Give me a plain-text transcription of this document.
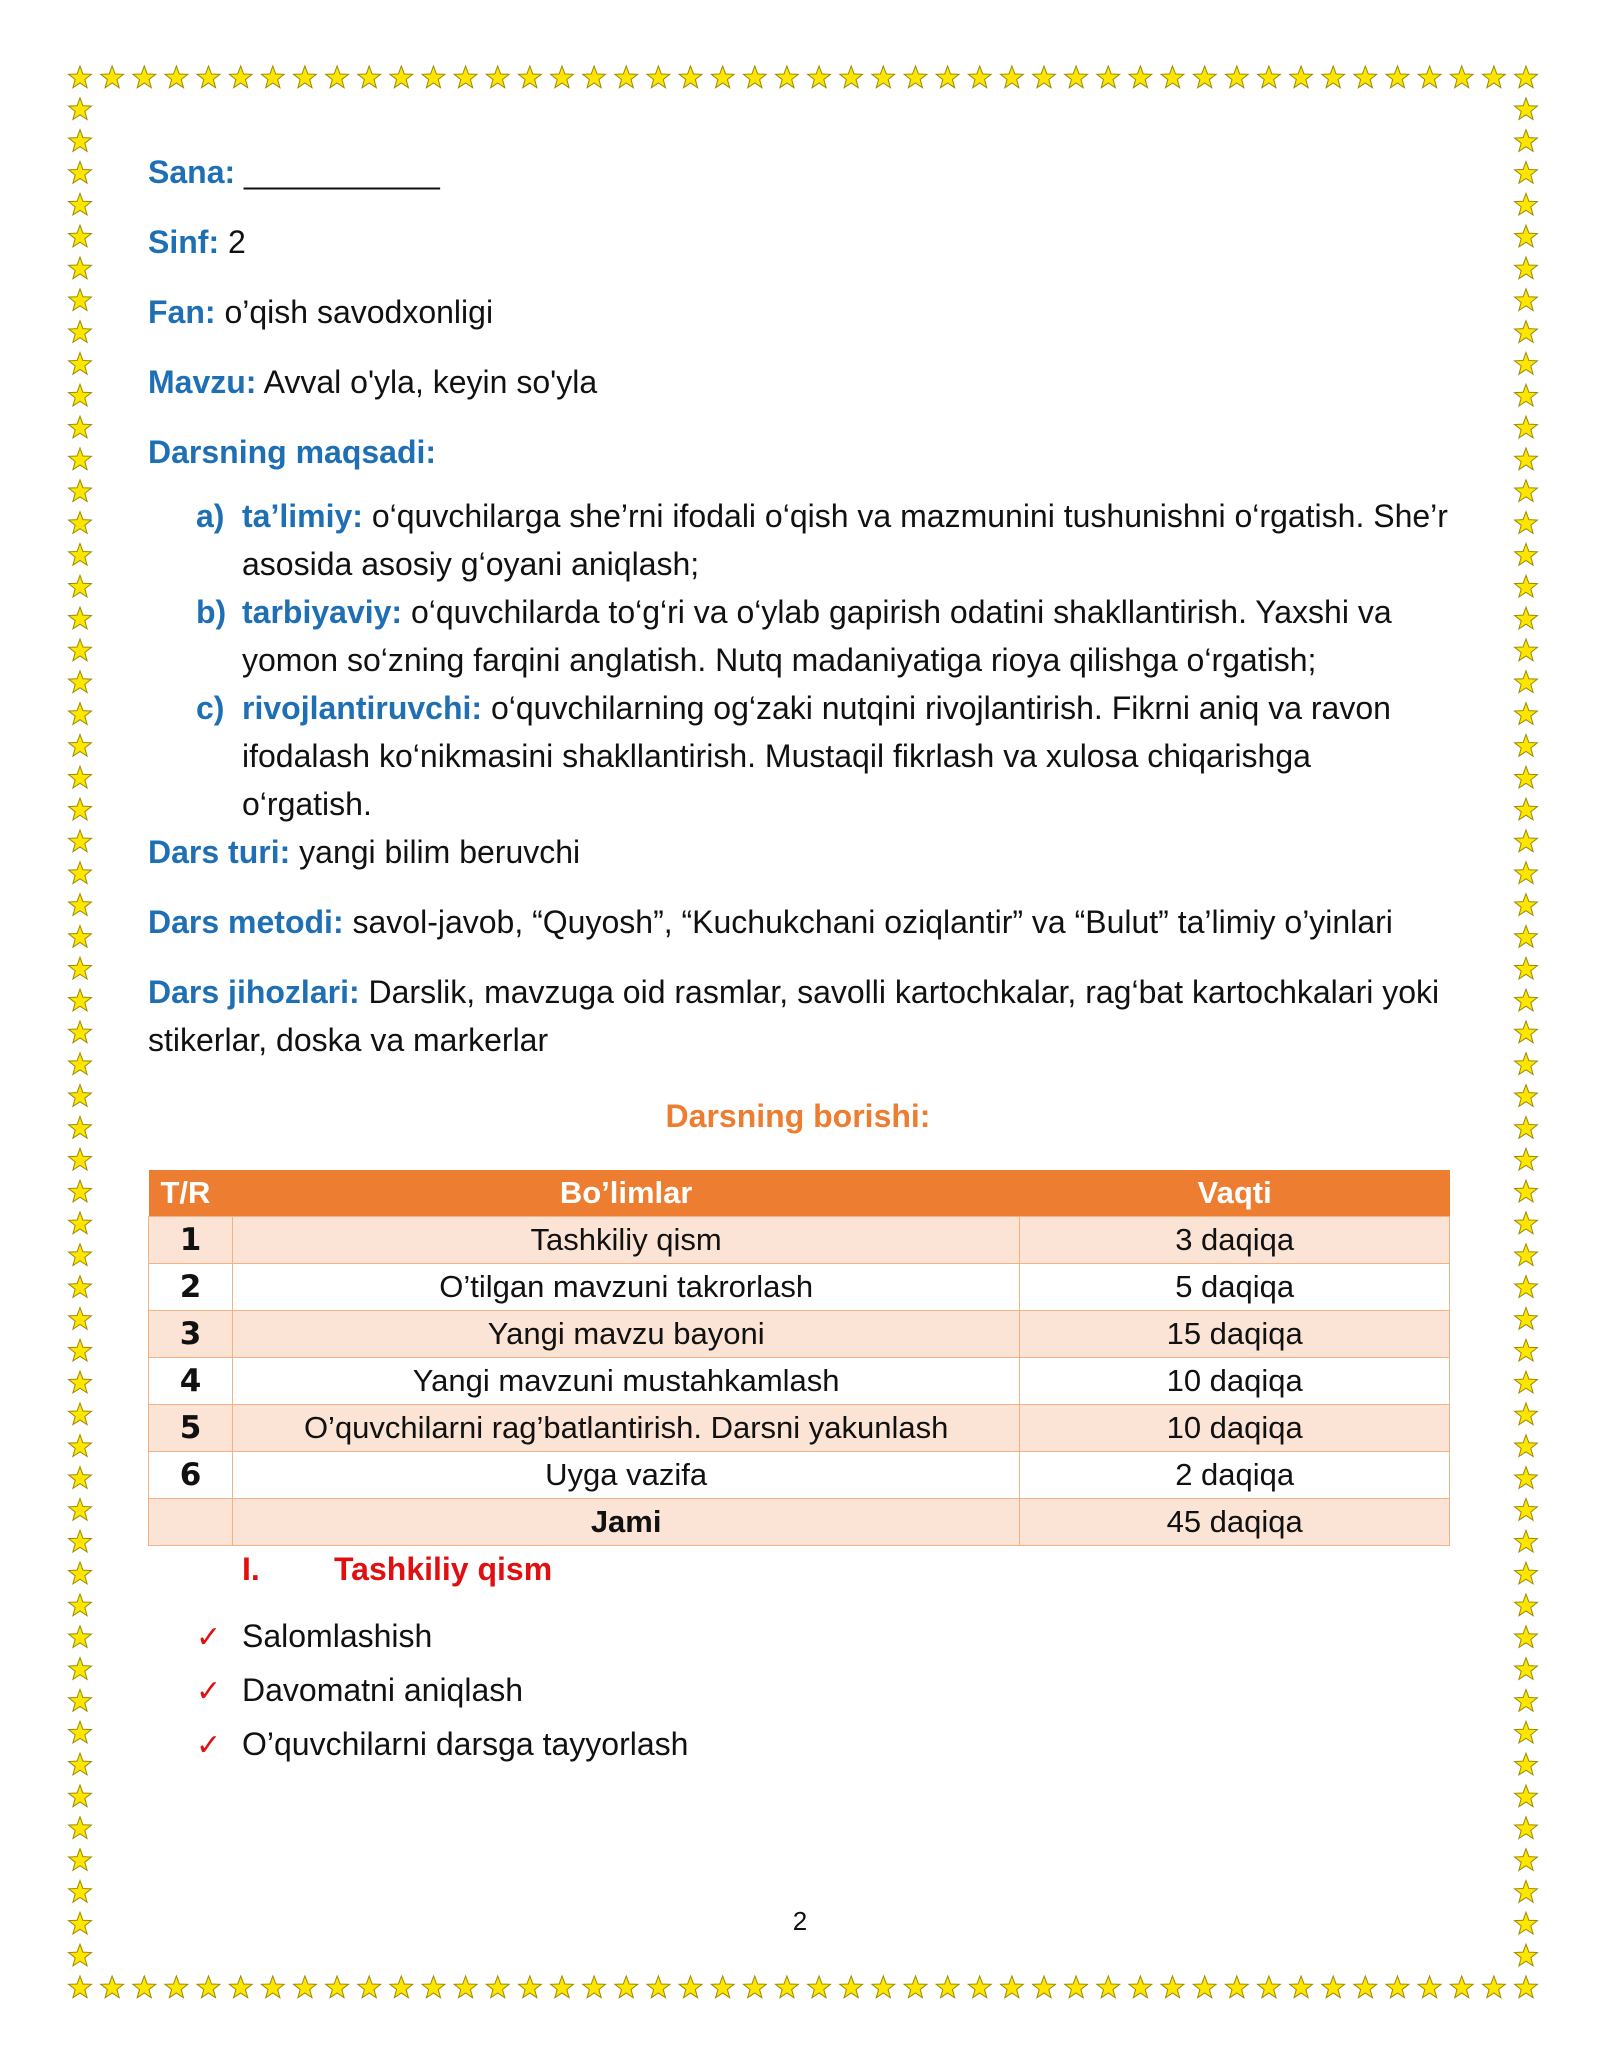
Sana: ___________

Sinf: 2

Fan: o’qish savodxonligi

Mavzu: Avval o'yla, keyin so'yla

Darsning maqsadi:

a) ta’limiy: o‘quvchilarga she’rni ifodali o‘qish va mazmunini tushunishni o‘rgatish. She’r asosida asosiy g‘oyani aniqlash;

b) tarbiyaviy: o‘quvchilarda to‘g‘ri va o‘ylab gapirish odatini shakllantirish. Yaxshi va yomon so‘zning farqini anglatish. Nutq madaniyatiga rioya qilishga o‘rgatish;

c) rivojlantiruvchi: o‘quvchilarning og‘zaki nutqini rivojlantirish. Fikrni aniq va ravon ifodalash ko‘nikmasini shakllantirish. Mustaqil fikrlash va xulosa chiqarishga o‘rgatish.

Dars turi: yangi bilim beruvchi

Dars metodi: savol-javob, “Quyosh”, “Kuchukchani oziqlantir” va “Bulut” ta’limiy o’yinlari

Dars jihozlari: Darslik, mavzuga oid rasmlar, savolli kartochkalar, rag‘bat kartochkalari yoki stikerlar, doska va markerlar

Darsning borishi:

T/R	Bo’limlar	Vaqti
1	Tashkiliy qism	3 daqiqa
2	O’tilgan mavzuni takrorlash	5 daqiqa
3	Yangi mavzu bayoni	15 daqiqa
4	Yangi mavzuni mustahkamlash	10 daqiqa
5	O’quvchilarni rag’batlantirish. Darsni yakunlash	10 daqiqa
6	Uyga vazifa	2 daqiqa
	Jami	45 daqiqa

I. Tashkiliy qism

✓ Salomlashish
✓ Davomatni aniqlash
✓ O’quvchilarni darsga tayyorlash
2
